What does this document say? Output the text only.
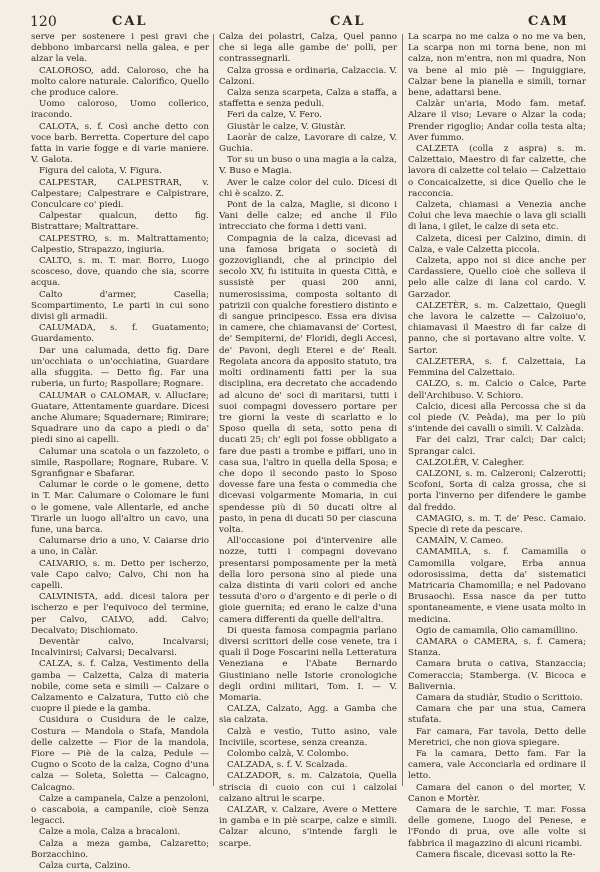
120	CAL	CAL	CAM

serve per sostenere i pesi gravi che debbono imbarcarsi nella galea, e per alzar la vela.

CALOROSO, add. Caloroso, che ha molto calore naturale. Calorifico, Quello che produce calore.

Uomo caloroso, Uomo collerico, iracondo.

CALOTA, s. f. Così anche detto con voce barb. Berretta. Coperture del capo fatta in varie fogge e di varie maniere. V. Galota.

Figura del calota, V. Figura.

CALPESTAR, CALPESTRAR, v. Calpestare; Calpestrare e Calpistrare, Conculcare co' piedi.

Calpestar qualcun, detto fig. Bistrattare; Maltrattare.

CALPESTRO, s. m. Maltrattamento; Calpestio, Strapazzo, ingiuria.

CALTO, s. m. T. mar. Borro, Luogo scosceso, dove, quando che sia, scorre acqua.

Calto d'armer, Casella; Scompartimento, Le parti in cui sono divisi gli armadii.

CALUMADA, s. f. Guatamento; Guardamento.

Dar una calumada, detto fig. Dare un'occhiata o un'occhiatina, Guardare alla sfuggita. — Detto fig. Far una ruberia, un furto; Raspollare; Rognare.

CALUMAR o CALOMAR, v. AllucIare; Guatare, Attentamente guardare. Dicesi anche Alumare; Squadernare; Rimirare; Squadrare uno da capo a piedi o da' piedi sino ai capelli.

Calumar una scatola o un fazzoleto, o simile, Raspollare; Rognare, Rubare. V. Sgranfignar e Sbafarar.

Calumar le corde o le gomene, detto in T. Mar. Calumare o Colomare le funi o le gomene, vale Allentarle, ed anche Tirarle un luogo all'altro un cavo, una fune, una barca.

Calumarse drio a uno, V. Caiarse drio a uno, in Calàr.

CALVARIO, s. m. Detto per ischerzo, vale Capo calvo; Calvo, Chi non ha capelli.

CALVINISTA, add. dicesi talora per ischerzo e per l'equivoco del termine, per Calvo, CALVO, add. Calvo; Decalvato; Dischiomato.

Deventàr calvo, Incalvarsi; Incalvinirsi; Calvarsi; Decalvarsi.

CALZA, s. f. Calza, Vestimento della gamba — Calzetta, Calza di materia nobile, come seta e simili — Calzare o Calzamento e Calzatura, Tutto ciò che cuopre il piede e la gamba.

Cusidura o Cusidura de le calze, Costura — Mandola o Stafa, Mandola delle calzette — Fior de la mandola, Fiore — Piè de la calza, Pedule — Cugno o Scoto de la calza, Cogno d'una calza — Soleta, Soletta — Calcagno, Calcagno.

Calze a campanela, Calze a penzoloni, o cascaboia, a campanile, cioè Senza legacci.

Calze a mola, Calza a bracaloni.

Calza a meza gamba, Calzaretto; Borzacchino.

Calza curta, Calzino.

Calza dei polastri, Calza, Quel panno che si lega alle gambe de' polli, per contrassegnarli.

Calza grossa e ordinaria, Calzaccia. V. Calzoni.

Calza senza scarpeta, Calza a staffa, a staffetta e senza peduli.

Feri da calze, V. Fero.

Giustàr le calze, V. Giustàr.

Laoràr de calze, Lavorare di calze, V. Guchia.

Tor su un buso o una magia a la calza, V. Buso e Magia.

Aver le calze color del culo. Dicesi di chi è scalzo. Z.

Pont de la calza, Maglie, si dicono i Vani delle calze; ed anche il Filo intrecciato che forma i detti vani.

Compagnia de la calza, dicevasi ad una famosa brigata o società di gozzovigliandi, che al principio del secolo XV, fu istituita in questa Città, e sussistè per quasi 200 anni, numerosissima, composta soltanto di patrizii con qualche forestiero distinto e di sangue principesco. Essa era divisa in camere, che chiamavansi de' Cortesi, de' Sempiterni, de' Floridi, degli Accesi, de' Pavoni, degli Eterei e de' Reali. Regolata ancora da apposito statuto, tra molti ordinamenti fatti per la sua disciplina, era decretato che accadendo ad alcuno de' soci di maritarsi, tutti i suoi compagni dovessero portare per tre giorni la veste di scarlatto e lo Sposo quella di seta, sotto pena di ducati 25; ch' egli poi fosse obbligato a fare due pasti a trombe e piffari, uno in casa sua, l'altro in quella della Sposa; e che dopo il secondo pasto lo Sposo dovesse fare una festa o commedia che dicevasi volgarmente Momaria, in cui spendesse più di 50 ducati oltre al pasto, in pena di ducati 50 per ciascuna volta.

All'occasione poi d'intervenire alle nozze, tutti i compagni dovevano presentarsi pomposamente per la metà della loro persona sino al piede una calza distinta di varii colori ed anche tessuta d'oro o d'argento e di perle o di gioie guernita; ed erano le calze d'una camera differenti da quelle dell'altra.

Di questa famosa compagnia parlano diversi scrittori delle cose venete, tra i quali il Doge Foscarini nella Letteratura Veneziana e l'Abate Bernardo Giustiniano nelle Istorie cronologiche degli ordini militari, Tom. I. — V. Momaria.

CALZA, Calzato, Agg. a Gamba che sia calzata.

Calzà e vestìo, Tutto asino, vale Inciviile, scortese, senza creanza.

Colombo calzà, V. Colombo.

CALZADA, s. f. V. Scalzada.

CALZADOR, s. m. Calzatoia, Quella striscia di cuoio con cui i calzolai calzano altrui le scarpe.

CALZAR, v. Calzare, Avere o Mettere in gamba e in piè scarpe, calze e simili. Calzar alcuno, s'intende fargli le scarpe.

La scarpa no me calza o no me va ben, La scarpa non mi torna bene, non mi calza, non m'entra, non mi quadra, Non va bene al mio piè — Inguiggiare, Calzar bene la pianella e simili, tornar bene, adattarsi bene.

Calzàr un'aria, Modo fam. metaf. Alzare il viso; Levare o Alzar la coda; Prender rigoglio; Andar colla testa alta; Aver fummo.

CALZETA (colla z aspra) s. m. Calzettaio, Maestro di far calzette, che lavora di calzette col telaio — Calzettaio o Concaicalzette, si dice Quello che le racconcia.

Calzeta, chiamasi a Venezia anche Colui che leva maechie o lava gli scialli di lana, i gilet, le calze di seta etc.

Calzeta, dicesi per Calzino, dimin. di Calza, e vale Calzetta piccola.

Calzeta, appo noi si dice anche per Cardassiere, Quello cioè che solleva il pelo alle calze di lana col cardo. V. Garzador.

CALZETÈR, s. m. Calzettaio, Quegli che lavora le calzette — Calzoiuo'o, chiamavasi il Maestro di far calze di panno, che si portavano altre volte. V. Sartor.

CALZETERA, s. f. Calzettaia, La Femmina del Calzettaio.

CALZO, s. m. Calcio o Calce, Parte dell'Archibuso. V. Schioro.

Calcio, dicesi alla Percossa che si da col piede (V. Peàda), ma per lo più s'intende dei cavalli o simili. V. Calzàda.

Far dei calzi, Trar calci; Dar calci; Sprangar calci.

CALZOLÈR, V. Calegher.

CALZONI, s. m. Calzeroni; Calzerotti; Scofoni, Sorta di calza grossa, che si porta l'inverno per difendere le gambe dal freddo.

CAMAGIO, s. m. T. de' Pesc. Camaio. Specie di rete da pescare.

CAMAÌN, V. Cameo.

CAMAMILA, s. f. Camamilla o Camomilla volgare, Erba annua odorosissima, detta da' sistematici Matricaria Chamomilla; e nel Padovano Brusaochi. Essa nasce da per tutto spontaneamente, e viene usata molto in medicina.

Ogio de camamila, Olio camamillino.

CAMARA o CAMERA, s. f. Camera; Stanza.

Camara bruta o cativa, Stanzaccia; Comeraccia; Stamberga. (V. Bicoca e Balivernia.

Camara da studiàr, Studio o Scrittoio.

Camara che par una stua, Camera stufata.

Far camara, Far tavola, Detto delle Meretrici, che non giova spiegare.

Fa la camara, Detto fam. Far la camera, vale Acconciarla ed ordinare il letto.

Camara del canon o del morter, V. Canon e Mortèr.

Camara de le sarchie, T. mar. Fossa delle gomene, Luogo del Penese, e l'Fondo di prua, ove alle volte si fabbrica il magazzino di alcuni ricambi.

Camera fiscale, dicevasi sotto la Re-
